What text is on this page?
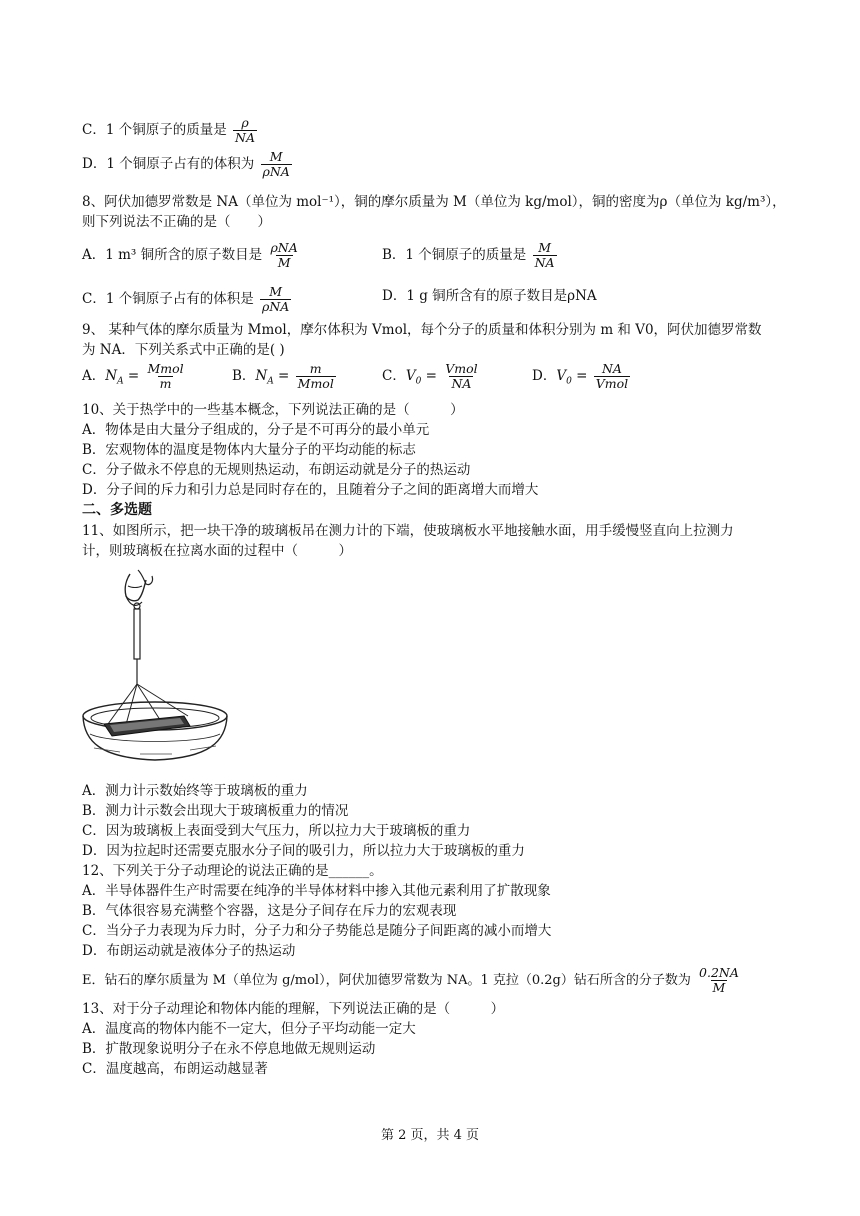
C．1 个铜原子的质量是 $\frac{\rho}{NA}$
D．1 个铜原子占有的体积为 $\frac{M}{\text{ρNA}}$
8、阿伏加德罗常数是 NA（单位为 mol⁻¹），铜的摩尔质量为 M（单位为 kg/mol），铜的密度为ρ（单位为 kg/m³），
则下列说法不正确的是（　　）
A．1 m³ 铜所含的原子数目是 $\frac{\text{ρNA}}{M}$	B．1 个铜原子的质量是 $\frac{M}{NA}$
C．1 个铜原子占有的体积是 $\frac{M}{\text{ρNA}}$	D．1 g 铜所含有的原子数目是ρNA
9、 某种气体的摩尔质量为 Mmol，摩尔体积为 Vmol，每个分子的质量和体积分别为 m 和 V0，阿伏加德罗常数
为 NA．下列关系式中正确的是( )
A．$N_A = \frac{\text{Mmol}}{m}$	B．$N_A = \frac{m}{\text{Mmol}}$	C．$V_0 = \frac{\text{Vmol}}{NA}$	D．$V_0 = \frac{NA}{\text{Vmol}}$
10、关于热学中的一些基本概念，下列说法正确的是（　　　）
A．物体是由大量分子组成的，分子是不可再分的最小单元
B．宏观物体的温度是物体内大量分子的平均动能的标志
C．分子做永不停息的无规则热运动，布朗运动就是分子的热运动
D．分子间的斥力和引力总是同时存在的，且随着分子之间的距离增大而增大
二、多选题
11、如图所示，把一块干净的玻璃板吊在测力计的下端，使玻璃板水平地接触水面，用手缓慢竖直向上拉测力
计，则玻璃板在拉离水面的过程中（　　　）
A．测力计示数始终等于玻璃板的重力
B．测力计示数会出现大于玻璃板重力的情况
C．因为玻璃板上表面受到大气压力，所以拉力大于玻璃板的重力
D．因为拉起时还需要克服水分子间的吸引力，所以拉力大于玻璃板的重力
12、下列关于分子动理论的说法正确的是______。
A．半导体器件生产时需要在纯净的半导体材料中掺入其他元素利用了扩散现象
B．气体很容易充满整个容器，这是分子间存在斥力的宏观表现
C．当分子力表现为斥力时，分子力和分子势能总是随分子间距离的减小而增大
D．布朗运动就是液体分子的热运动
E．钻石的摩尔质量为 M（单位为 g/mol），阿伏加德罗常数为 NA。1 克拉（0.2g）钻石所含的分子数为 $\frac{0.2NA}{M}$
13、对于分子动理论和物体内能的理解，下列说法正确的是（　　　）
A．温度高的物体内能不一定大，但分子平均动能一定大
B．扩散现象说明分子在永不停息地做无规则运动
C．温度越高，布朗运动越显著
第 2 页，共 4 页
